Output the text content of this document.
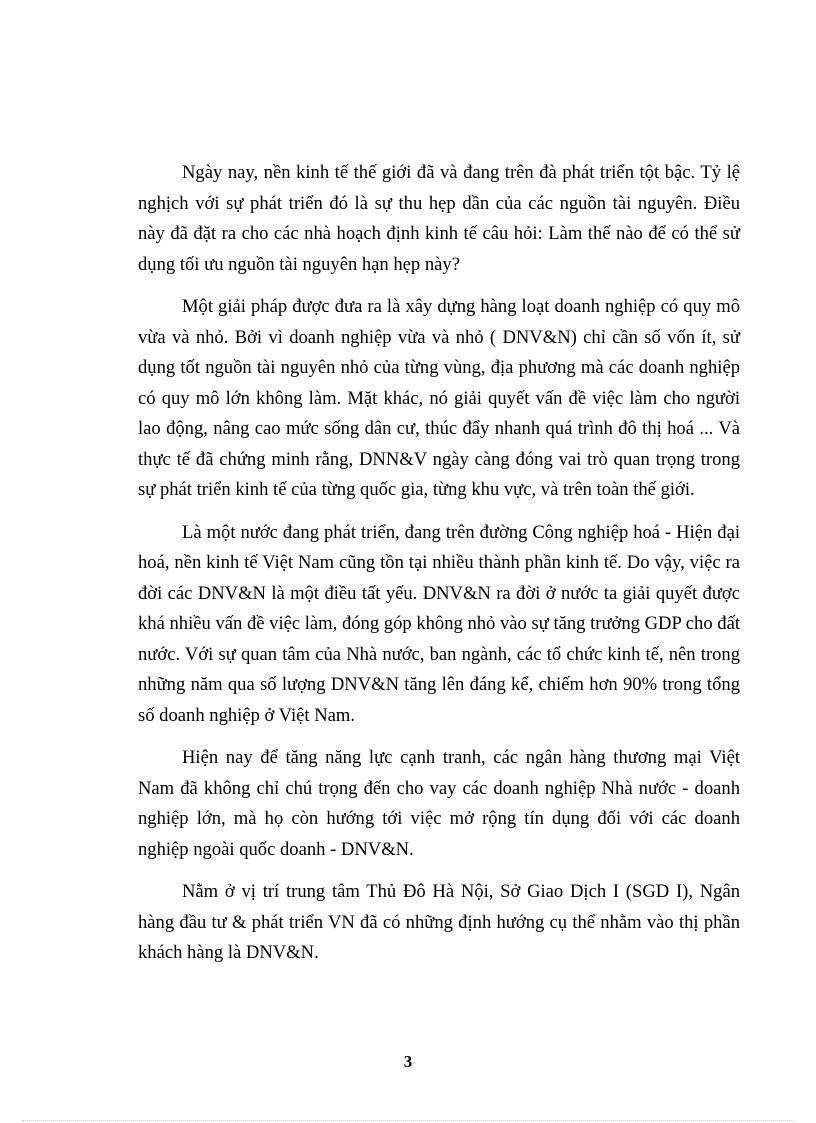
Ngày nay, nền kinh tế thế giới đã và đang trên đà phát triển tột bậc. Tỷ lệ nghịch với sự phát triển đó là sự thu hẹp dần của các nguồn tài nguyên. Điều này đã đặt ra cho các nhà hoạch định kinh tế câu hỏi: Làm thế nào để có thể sử dụng tối ưu nguồn tài nguyên hạn hẹp này?

Một giải pháp được đưa ra là xây dựng hàng loạt doanh nghiệp có quy mô vừa và nhỏ. Bởi vì doanh nghiệp vừa và nhỏ ( DNV&N) chỉ cần số vốn ít, sử dụng tốt nguồn tài nguyên nhỏ của từng vùng, địa phương mà các doanh nghiệp có quy mô lớn không làm. Mặt khác, nó giải quyết vấn đề việc làm cho người lao động, nâng cao mức sống dân cư, thúc đẩy nhanh quá trình đô thị hoá ... Và thực tế đã chứng minh rằng, DNN&V ngày càng đóng vai trò quan trọng trong sự phát triển kinh tế của từng quốc gia, từng khu vực, và trên toàn thế giới.

Là một nước đang phát triển, đang trên đường Công nghiệp hoá - Hiện đại hoá, nền kinh tế Việt Nam cũng tồn tại nhiều thành phần kinh tế. Do vậy, việc ra đời các DNV&N là một điều tất yếu. DNV&N ra đời ở nước ta giải quyết được khá nhiều vấn đề việc làm, đóng góp không nhỏ vào sự tăng trưởng GDP cho đất nước. Với sự quan tâm của Nhà nước, ban ngành, các tổ chức kinh tế, nên trong những năm qua số lượng DNV&N tăng lên đáng kể, chiếm hơn 90% trong tổng số doanh nghiệp ở Việt Nam.

Hiện nay để tăng năng lực cạnh tranh, các ngân hàng thương mại Việt Nam đã không chỉ chú trọng đến cho vay các doanh nghiệp Nhà nước - doanh nghiệp lớn, mà họ còn hướng tới việc mở rộng tín dụng đối với các doanh nghiệp ngoài quốc doanh - DNV&N.

Nằm ở vị trí trung tâm Thủ Đô Hà Nội, Sở Giao Dịch I (SGD I), Ngân hàng đầu tư & phát triển VN đã có những định hướng cụ thể nhằm vào thị phần khách hàng là DNV&N.

3
